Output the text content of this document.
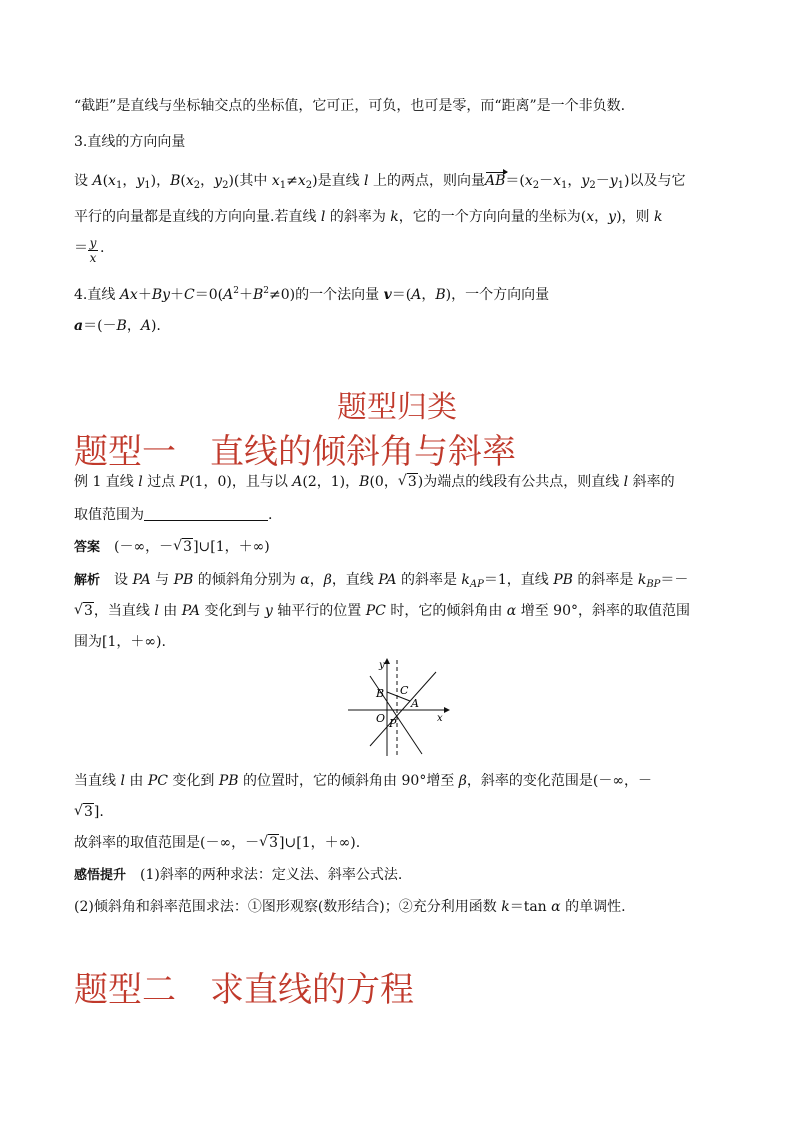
“截距”是直线与坐标轴交点的坐标值，它可正，可负，也可是零，而“距离”是一个非负数.
3.直线的方向向量
设 $A(x_1$，$y_1$)，$B(x_2$，$y_2$)(其中 $x_1\ne x_2$)是直线 l 上的两点，则向量$AB=(x_2-x_1$，$y_2-y_1$)以及与它
平行的向量都是直线的方向向量.若直线 l 的斜率为 k，它的一个方向向量的坐标为(x，y)，则 k
＝ $\frac{y}{x}$ .
4.直线 $Ax+By+C=0(A^2+B^2\ne 0)$的一个法向量 v＝(A，B)，一个方向向量
a＝(－B，A).
题型归类
题型一　直线的倾斜角与斜率
例 1 直线 l 过点 P(1，0)，且与以 A(2，1)，B(0， √ 3)为端点的线段有公共点，则直线 l 斜率的
取值范围为	.
答案　(－∞，－ √ 3]∪[1，＋∞)
解析　设 PA 与 PB 的倾斜角分别为 α，β，直线 PA 的斜率是 $k_{AP}=1$，直线 PB 的斜率是 $k_{BP}=-$
√ 3，当直线 l 由 PA 变化到与 y 轴平行的位置 PC 时，它的倾斜角由 α 增至 90°，斜率的取值范围
围为[1，＋∞).
y
x
B C
A
O P
当直线 l 由 PC 变化到 PB 的位置时，它的倾斜角由 90°增至 β，斜率的变化范围是(－∞，－
√ 3].
故斜率的取值范围是(－∞，－ √ 3]∪[1，＋∞).
感悟提升　 (1)斜率的两种求法：定义法、斜率公式法.
(2)倾斜角和斜率范围求法：①图形观察(数形结合)；②充分利用函数 k＝tan α 的单调性.
题型二　求直线的方程
